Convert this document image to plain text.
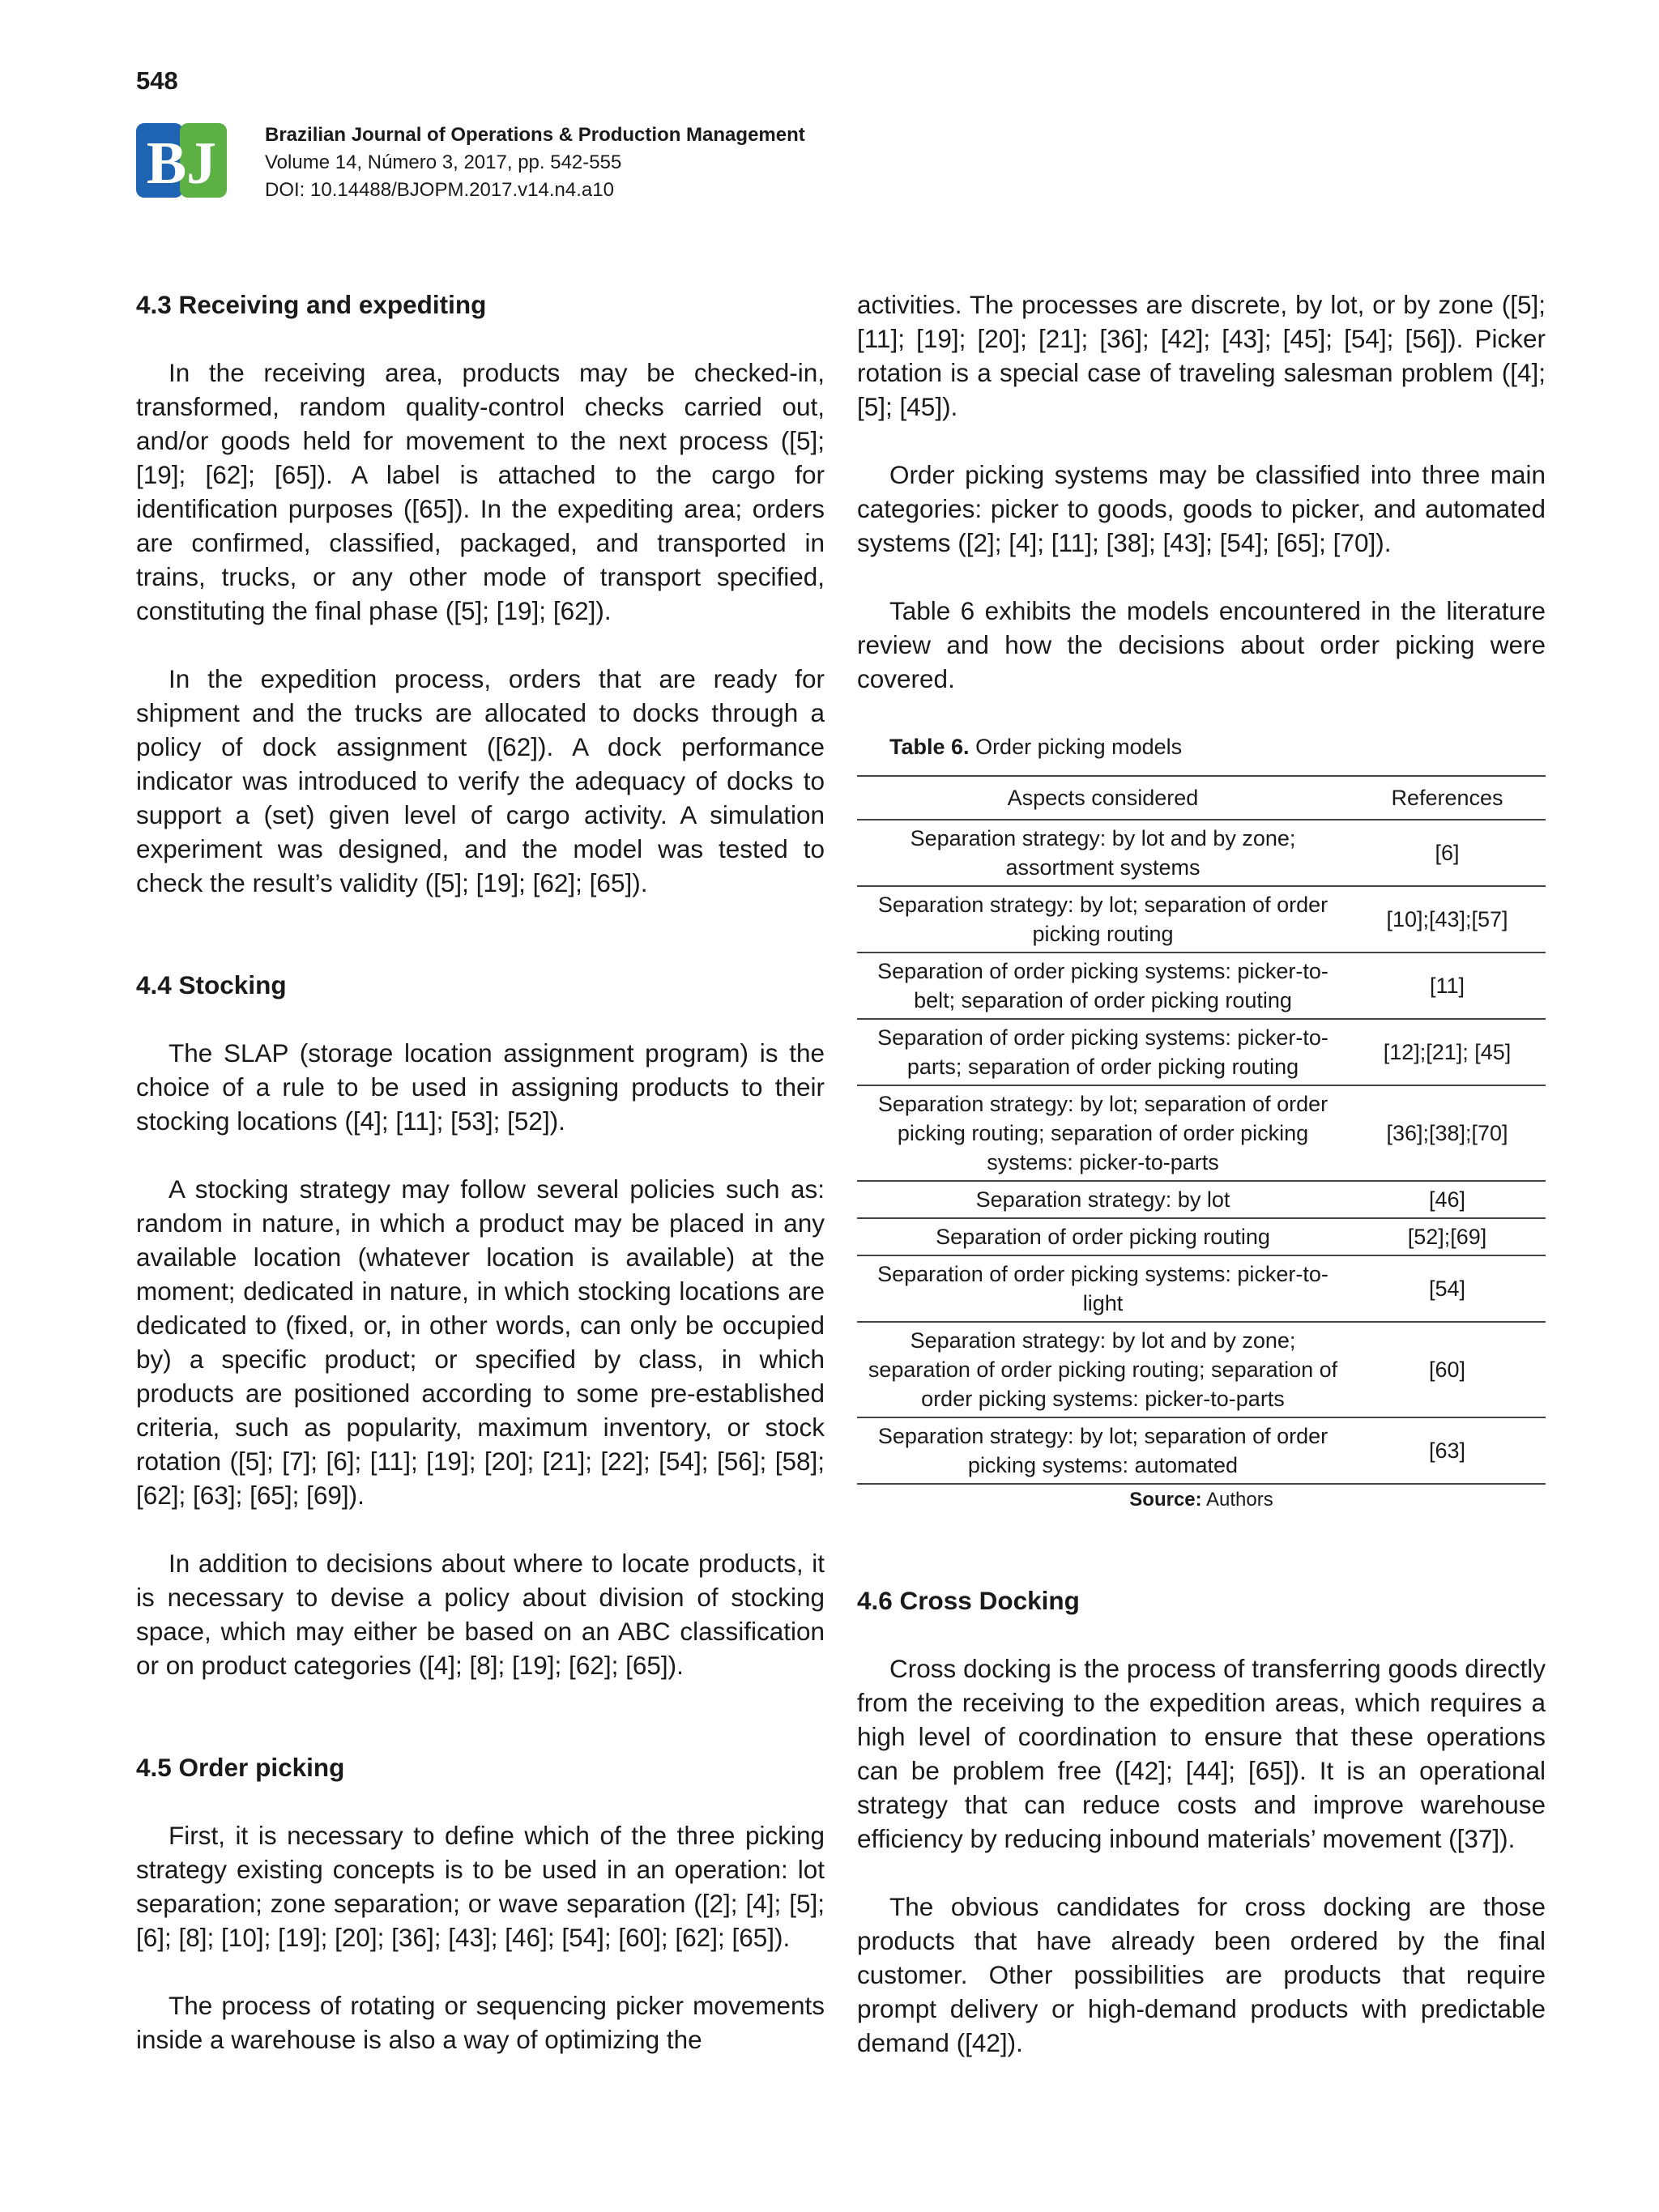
548
BJ Brazilian Journal of Operations & Production Management
Volume 14, Número 3, 2017, pp. 542-555
DOI: 10.14488/BJOPM.2017.v14.n4.a10
4.3 Receiving and expediting

In the receiving area, products may be checked-in, transformed, random quality-control checks carried out, and/or goods held for movement to the next process ([5]; [19]; [62]; [65]). A label is attached to the cargo for identification purposes ([65]). In the expediting area; orders are confirmed, classified, packaged, and transported in trains, trucks, or any other mode of transport specified, constituting the final phase ([5]; [19]; [62]).

In the expedition process, orders that are ready for shipment and the trucks are allocated to docks through a policy of dock assignment ([62]). A dock performance indicator was introduced to verify the adequacy of docks to support a (set) given level of cargo activity. A simulation experiment was designed, and the model was tested to check the result’s validity ([5]; [19]; [62]; [65]).

4.4 Stocking

The SLAP (storage location assignment program) is the choice of a rule to be used in assigning products to their stocking locations ([4]; [11]; [53]; [52]).

A stocking strategy may follow several policies such as: random in nature, in which a product may be placed in any available location (whatever location is available) at the moment; dedicated in nature, in which stocking locations are dedicated to (fixed, or, in other words, can only be occupied by) a specific product; or specified by class, in which products are positioned according to some pre-established criteria, such as popularity, maximum inventory, or stock rotation ([5]; [7]; [6]; [11]; [19]; [20]; [21]; [22]; [54]; [56]; [58]; [62]; [63]; [65]; [69]).

In addition to decisions about where to locate products, it is necessary to devise a policy about division of stocking space, which may either be based on an ABC classification or on product categories ([4]; [8]; [19]; [62]; [65]).

4.5 Order picking

First, it is necessary to define which of the three picking strategy existing concepts is to be used in an operation: lot separation; zone separation; or wave separation ([2]; [4]; [5]; [6]; [8]; [10]; [19]; [20]; [36]; [43]; [46]; [54]; [60]; [62]; [65]).

The process of rotating or sequencing picker movements inside a warehouse is also a way of optimizing the

activities. The processes are discrete, by lot, or by zone ([5]; [11]; [19]; [20]; [21]; [36]; [42]; [43]; [45]; [54]; [56]). Picker rotation is a special case of traveling salesman problem ([4]; [5]; [45]).

Order picking systems may be classified into three main categories: picker to goods, goods to picker, and automated systems ([2]; [4]; [11]; [38]; [43]; [54]; [65]; [70]).

Table 6 exhibits the models encountered in the literature review and how the decisions about order picking were covered.

Table 6. Order picking models

Aspects considered	References
Separation strategy: by lot and by zone; assortment systems	[6]
Separation strategy: by lot; separation of order picking routing	[10];[43];[57]
Separation of order picking systems: picker-to-belt; separation of order picking routing	[11]
Separation of order picking systems: picker-to-parts; separation of order picking routing	[12];[21]; [45]
Separation strategy: by lot; separation of order picking routing; separation of order picking systems: picker-to-parts	[36];[38];[70]
Separation strategy: by lot	[46]
Separation of order picking routing	[52];[69]
Separation of order picking systems: picker-to-light	[54]
Separation strategy: by lot and by zone; separation of order picking routing; separation of order picking systems: picker-to-parts	[60]
Separation strategy: by lot; separation of order picking systems: automated	[63]
Source: Authors
4.6 Cross Docking

Cross docking is the process of transferring goods directly from the receiving to the expedition areas, which requires a high level of coordination to ensure that these operations can be problem free ([42]; [44]; [65]). It is an operational strategy that can reduce costs and improve warehouse efficiency by reducing inbound materials’ movement ([37]).

The obvious candidates for cross docking are those products that have already been ordered by the final customer. Other possibilities are products that require prompt delivery or high-demand products with predictable demand ([42]).
